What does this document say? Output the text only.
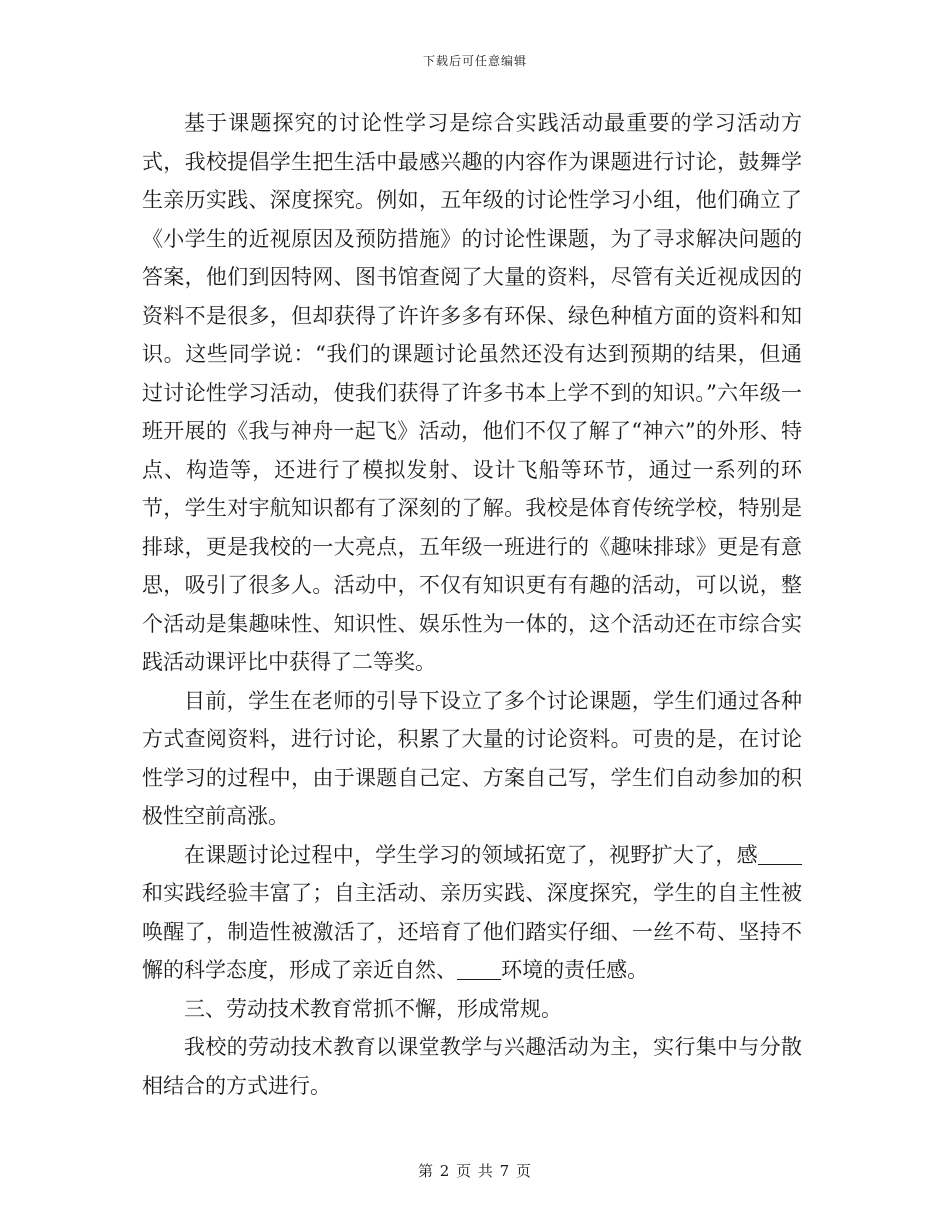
下载后可任意编辑

基于课题探究的讨论性学习是综合实践活动最重要的学习活动方式，我校提倡学生把生活中最感兴趣的内容作为课题进行讨论，鼓舞学生亲历实践、深度探究。例如，五年级的讨论性学习小组，他们确立了《小学生的近视原因及预防措施》的讨论性课题，为了寻求解决问题的答案，他们到因特网、图书馆查阅了大量的资料，尽管有关近视成因的资料不是很多，但却获得了许许多多有环保、绿色种植方面的资料和知识。这些同学说：“我们的课题讨论虽然还没有达到预期的结果，但通过讨论性学习活动，使我们获得了许多书本上学不到的知识。”六年级一班开展的《我与神舟一起飞》活动，他们不仅了解了“神六”的外形、特点、构造等，还进行了模拟发射、设计飞船等环节，通过一系列的环节，学生对宇航知识都有了深刻的了解。我校是体育传统学校，特别是排球，更是我校的一大亮点，五年级一班进行的《趣味排球》更是有意思，吸引了很多人。活动中，不仅有知识更有有趣的活动，可以说，整个活动是集趣味性、知识性、娱乐性为一体的，这个活动还在市综合实践活动课评比中获得了二等奖。

目前，学生在老师的引导下设立了多个讨论课题，学生们通过各种方式查阅资料，进行讨论，积累了大量的讨论资料。可贵的是，在讨论性学习的过程中，由于课题自己定、方案自己写，学生们自动参加的积极性空前高涨。

在课题讨论过程中，学生学习的领域拓宽了，视野扩大了，感和实践经验丰富了；自主活动、亲历实践、深度探究，学生的自主性被唤醒了，制造性被激活了，还培育了他们踏实仔细、一丝不苟、坚持不懈的科学态度，形成了亲近自然、 环境的责任感。

三、劳动技术教育常抓不懈，形成常规。

我校的劳动技术教育以课堂教学与兴趣活动为主，实行集中与分散相结合的方式进行。

第 2 页 共 7 页
